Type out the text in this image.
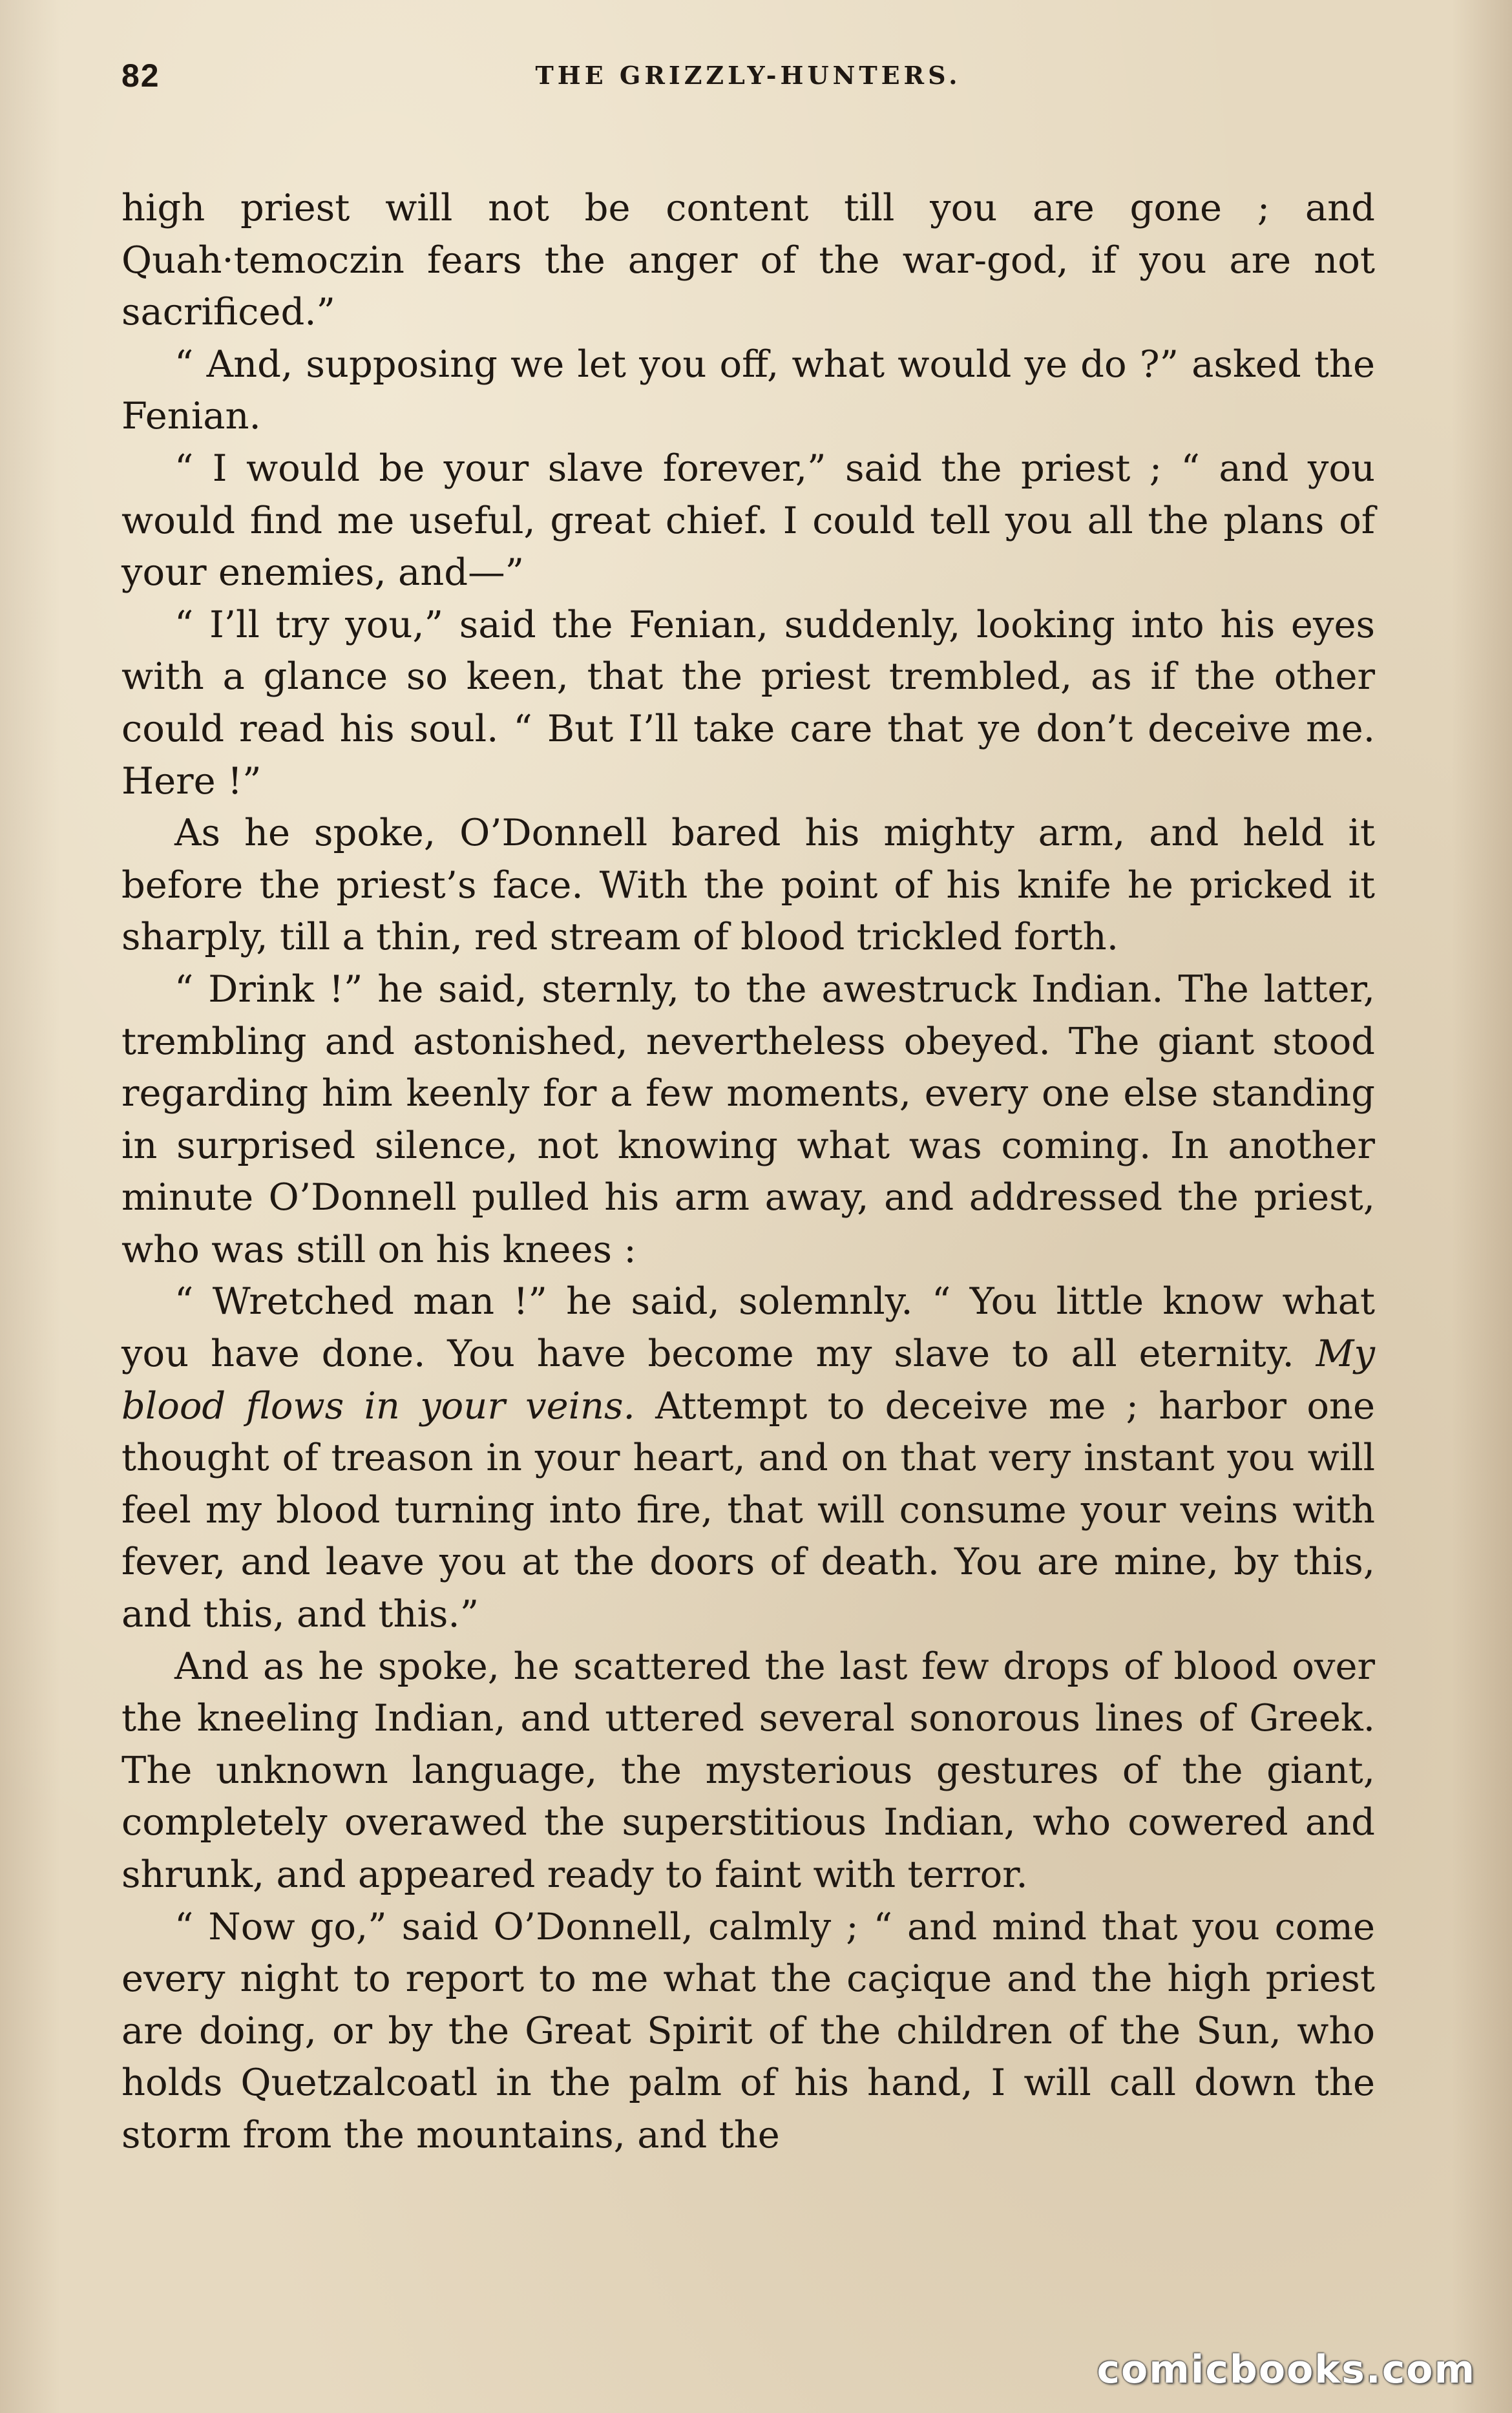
82	THE GRIZZLY-HUNTERS.

high priest will not be content till you are gone ; and Quah·temoczin fears the anger of the war-god, if you are not sacrificed.”

“ And, supposing we let you off, what would ye do ?” asked the Fenian.

“ I would be your slave forever,” said the priest ; “ and you would find me useful, great chief. I could tell you all the plans of your enemies, and—”

“ I’ll try you,” said the Fenian, suddenly, looking into his eyes with a glance so keen, that the priest trembled, as if the other could read his soul. “ But I’ll take care that ye don’t deceive me. Here !”

As he spoke, O’Donnell bared his mighty arm, and held it before the priest’s face. With the point of his knife he pricked it sharply, till a thin, red stream of blood trickled forth.

“ Drink !” he said, sternly, to the awestruck Indian. The latter, trembling and astonished, nevertheless obeyed. The giant stood regarding him keenly for a few moments, every one else standing in surprised silence, not knowing what was coming. In another minute O’Donnell pulled his arm away, and addressed the priest, who was still on his knees :

“ Wretched man !” he said, solemnly. “ You little know what you have done. You have become my slave to all eternity. My blood flows in your veins. Attempt to deceive me ; harbor one thought of treason in your heart, and on that very instant you will feel my blood turning into fire, that will consume your veins with fever, and leave you at the doors of death. You are mine, by this, and this, and this.”

And as he spoke, he scattered the last few drops of blood over the kneeling Indian, and uttered several sonorous lines of Greek. The unknown language, the mysterious gestures of the giant, completely overawed the superstitious Indian, who cowered and shrunk, and appeared ready to faint with terror.

“ Now go,” said O’Donnell, calmly ; “ and mind that you come every night to report to me what the caçique and the high priest are doing, or by the Great Spirit of the children of the Sun, who holds Quetzalcoatl in the palm of his hand, I will call down the storm from the mountains, and the

comicbooks.com
